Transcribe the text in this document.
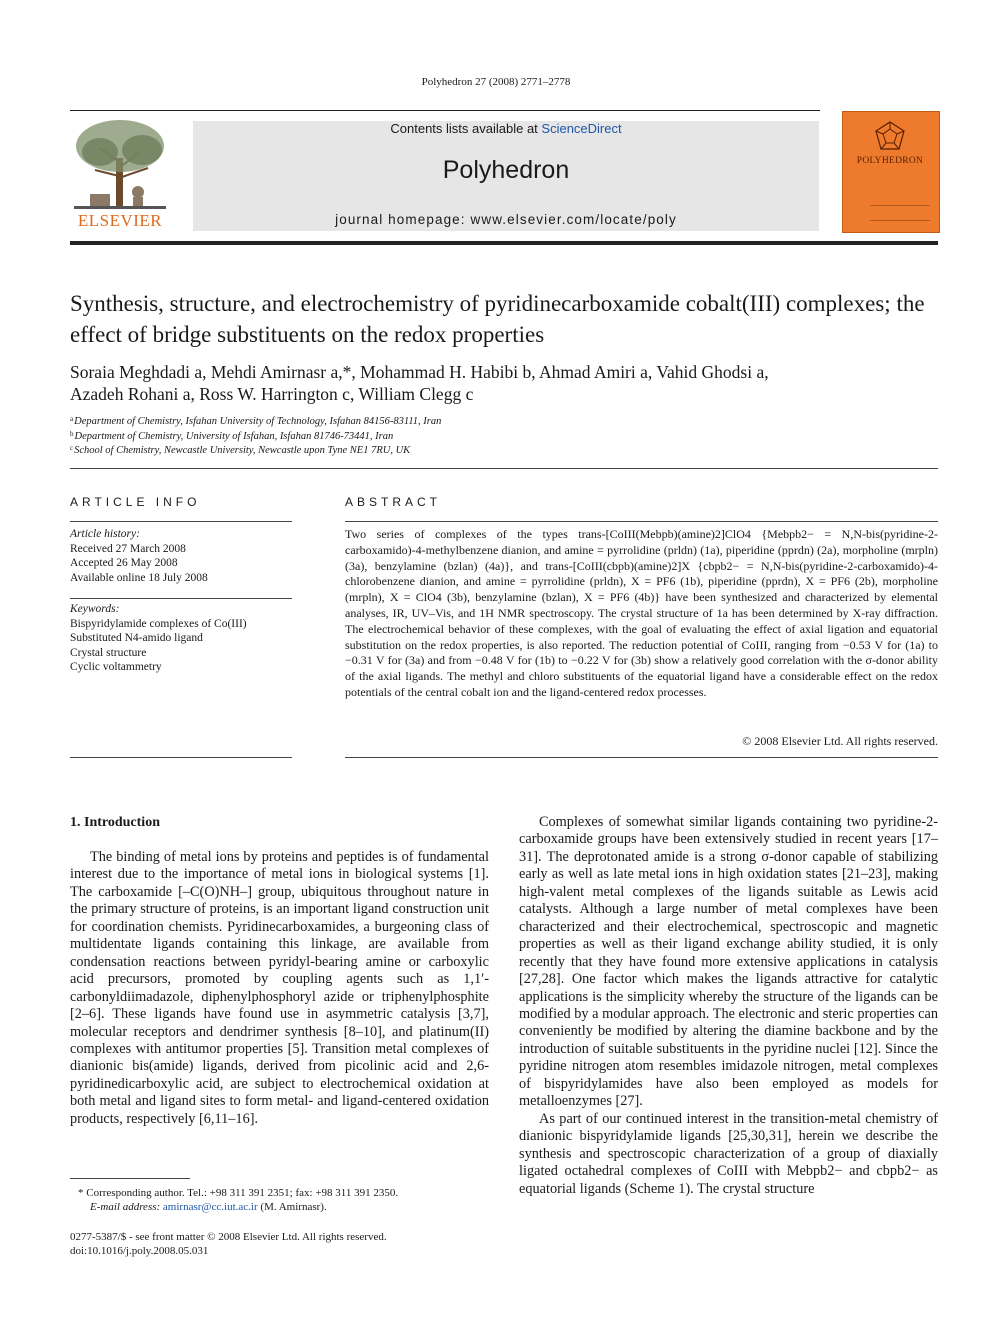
Polyhedron 27 (2008) 2771–2778
ELSEVIER
Contents lists available at ScienceDirect
Polyhedron
journal homepage: www.elsevier.com/locate/poly
POLYHEDRON
Synthesis, structure, and electrochemistry of pyridinecarboxamide cobalt(III) complexes; the effect of bridge substituents on the redox properties
Soraia Meghdadi a, Mehdi Amirnasr a,*, Mohammad H. Habibi b, Ahmad Amiri a, Vahid Ghodsi a,
Azadeh Rohani a, Ross W. Harrington c, William Clegg c
$^a$Department of Chemistry, Isfahan University of Technology, Isfahan 84156-83111, Iran
$^b$Department of Chemistry, University of Isfahan, Isfahan 81746-73441, Iran
$^c$School of Chemistry, Newcastle University, Newcastle upon Tyne NE1 7RU, UK
ARTICLE INFO
Article history:
Received 27 March 2008
Accepted 26 May 2008
Available online 18 July 2008
Keywords:
Bispyridylamide complexes of Co(III)
Substituted N4-amido ligand
Crystal structure
Cyclic voltammetry
ABSTRACT
Two series of complexes of the types trans-[CoIII(Mebpb)(amine)2]ClO4 {Mebpb2− = N,N-bis(pyridine-2-carboxamido)-4-methylbenzene dianion, and amine = pyrrolidine (prldn) (1a), piperidine (pprdn) (2a), morpholine (mrpln) (3a), benzylamine (bzlan) (4a)}, and trans-[CoIII(cbpb)(amine)2]X {cbpb2− = N,N-bis(pyridine-2-carboxamido)-4-chlorobenzene dianion, and amine = pyrrolidine (prldn), X = PF6 (1b), piperidine (pprdn), X = PF6 (2b), morpholine (mrpln), X = ClO4 (3b), benzylamine (bzlan), X = PF6 (4b)} have been synthesized and characterized by elemental analyses, IR, UV–Vis, and 1H NMR spectroscopy. The crystal structure of 1a has been determined by X-ray diffraction. The electrochemical behavior of these complexes, with the goal of evaluating the effect of axial ligation and equatorial substitution on the redox properties, is also reported. The reduction potential of CoIII, ranging from −0.53 V for (1a) to −0.31 V for (3a) and from −0.48 V for (1b) to −0.22 V for (3b) show a relatively good correlation with the σ-donor ability of the axial ligands. The methyl and chloro substituents of the equatorial ligand have a considerable effect on the redox potentials of the central cobalt ion and the ligand-centered redox processes.
© 2008 Elsevier Ltd. All rights reserved.
1. Introduction

The binding of metal ions by proteins and peptides is of fundamental interest due to the importance of metal ions in biological systems [1]. The carboxamide [–C(O)NH–] group, ubiquitous throughout nature in the primary structure of proteins, is an important ligand construction unit for coordination chemists. Pyridinecarboxamides, a burgeoning class of multidentate ligands containing this linkage, are available from condensation reactions between pyridyl-bearing amine or carboxylic acid precursors, promoted by coupling agents such as 1,1′-carbonyldiimadazole, diphenylphosphoryl azide or triphenylphosphite [2–6]. These ligands have found use in asymmetric catalysis [3,7], molecular receptors and dendrimer synthesis [8–10], and platinum(II) complexes with antitumor properties [5]. Transition metal complexes of dianionic bis(amide) ligands, derived from picolinic acid and 2,6-pyridinedicarboxylic acid, are subject to electrochemical oxidation at both metal and ligand sites to form metal- and ligand-centered oxidation products, respectively [6,11–16].

Complexes of somewhat similar ligands containing two pyridine-2-carboxamide groups have been extensively studied in recent years [17–31]. The deprotonated amide is a strong σ-donor capable of stabilizing early as well as late metal ions in high oxidation states [21–23], making high-valent metal complexes of the ligands suitable as Lewis acid catalysts. Although a large number of metal complexes have been characterized and their electrochemical, spectroscopic and magnetic properties as well as their ligand exchange ability studied, it is only recently that they have found more extensive applications in catalysis [27,28]. One factor which makes the ligands attractive for catalytic applications is the simplicity whereby the structure of the ligands can be modified by a modular approach. The electronic and steric properties can conveniently be modified by altering the diamine backbone and by the introduction of suitable substituents in the pyridine nuclei [12]. Since the pyridine nitrogen atom resembles imidazole nitrogen, metal complexes of bispyridylamides have also been employed as models for metalloenzymes [27].

As part of our continued interest in the transition-metal chemistry of dianionic bispyridylamide ligands [25,30,31], herein we describe the synthesis and spectroscopic characterization of a group of diaxially ligated octahedral complexes of CoIII with Mebpb2− and cbpb2− as equatorial ligands (Scheme 1). The crystal structure

* Corresponding author. Tel.: +98 311 391 2351; fax: +98 311 391 2350.
E-mail address: amirnasr@cc.iut.ac.ir (M. Amirnasr).
0277-5387/$ - see front matter © 2008 Elsevier Ltd. All rights reserved.
doi:10.1016/j.poly.2008.05.031
